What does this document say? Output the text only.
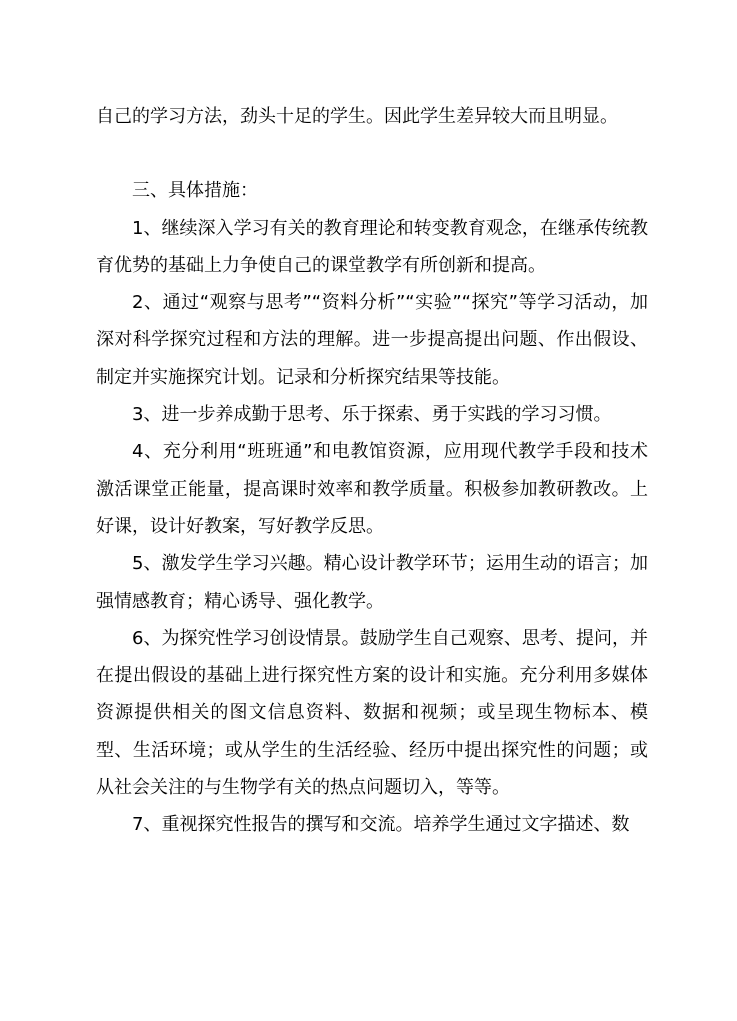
自己的学习方法，劲头十足的学生。因此学生差异较大而且明显。

三、具体措施：

1、继续深入学习有关的教育理论和转变教育观念，在继承传统教育优势的基础上力争使自己的课堂教学有所创新和提高。

2、通过“观察与思考”“资料分析”“实验”“探究”等学习活动，加深对科学探究过程和方法的理解。进一步提高提出问题、作出假设、制定并实施探究计划。记录和分析探究结果等技能。

3、进一步养成勤于思考、乐于探索、勇于实践的学习习惯。

4、充分利用“班班通”和电教馆资源，应用现代教学手段和技术激活课堂正能量，提高课时效率和教学质量。积极参加教研教改。上好课，设计好教案，写好教学反思。

5、激发学生学习兴趣。精心设计教学环节；运用生动的语言；加强情感教育；精心诱导、强化教学。

6、为探究性学习创设情景。鼓励学生自己观察、思考、提问，并在提出假设的基础上进行探究性方案的设计和实施。充分利用多媒体资源提供相关的图文信息资料、数据和视频；或呈现生物标本、模型、生活环境；或从学生的生活经验、经历中提出探究性的问题；或从社会关注的与生物学有关的热点问题切入，等等。

7、重视探究性报告的撰写和交流。培养学生通过文字描述、数
